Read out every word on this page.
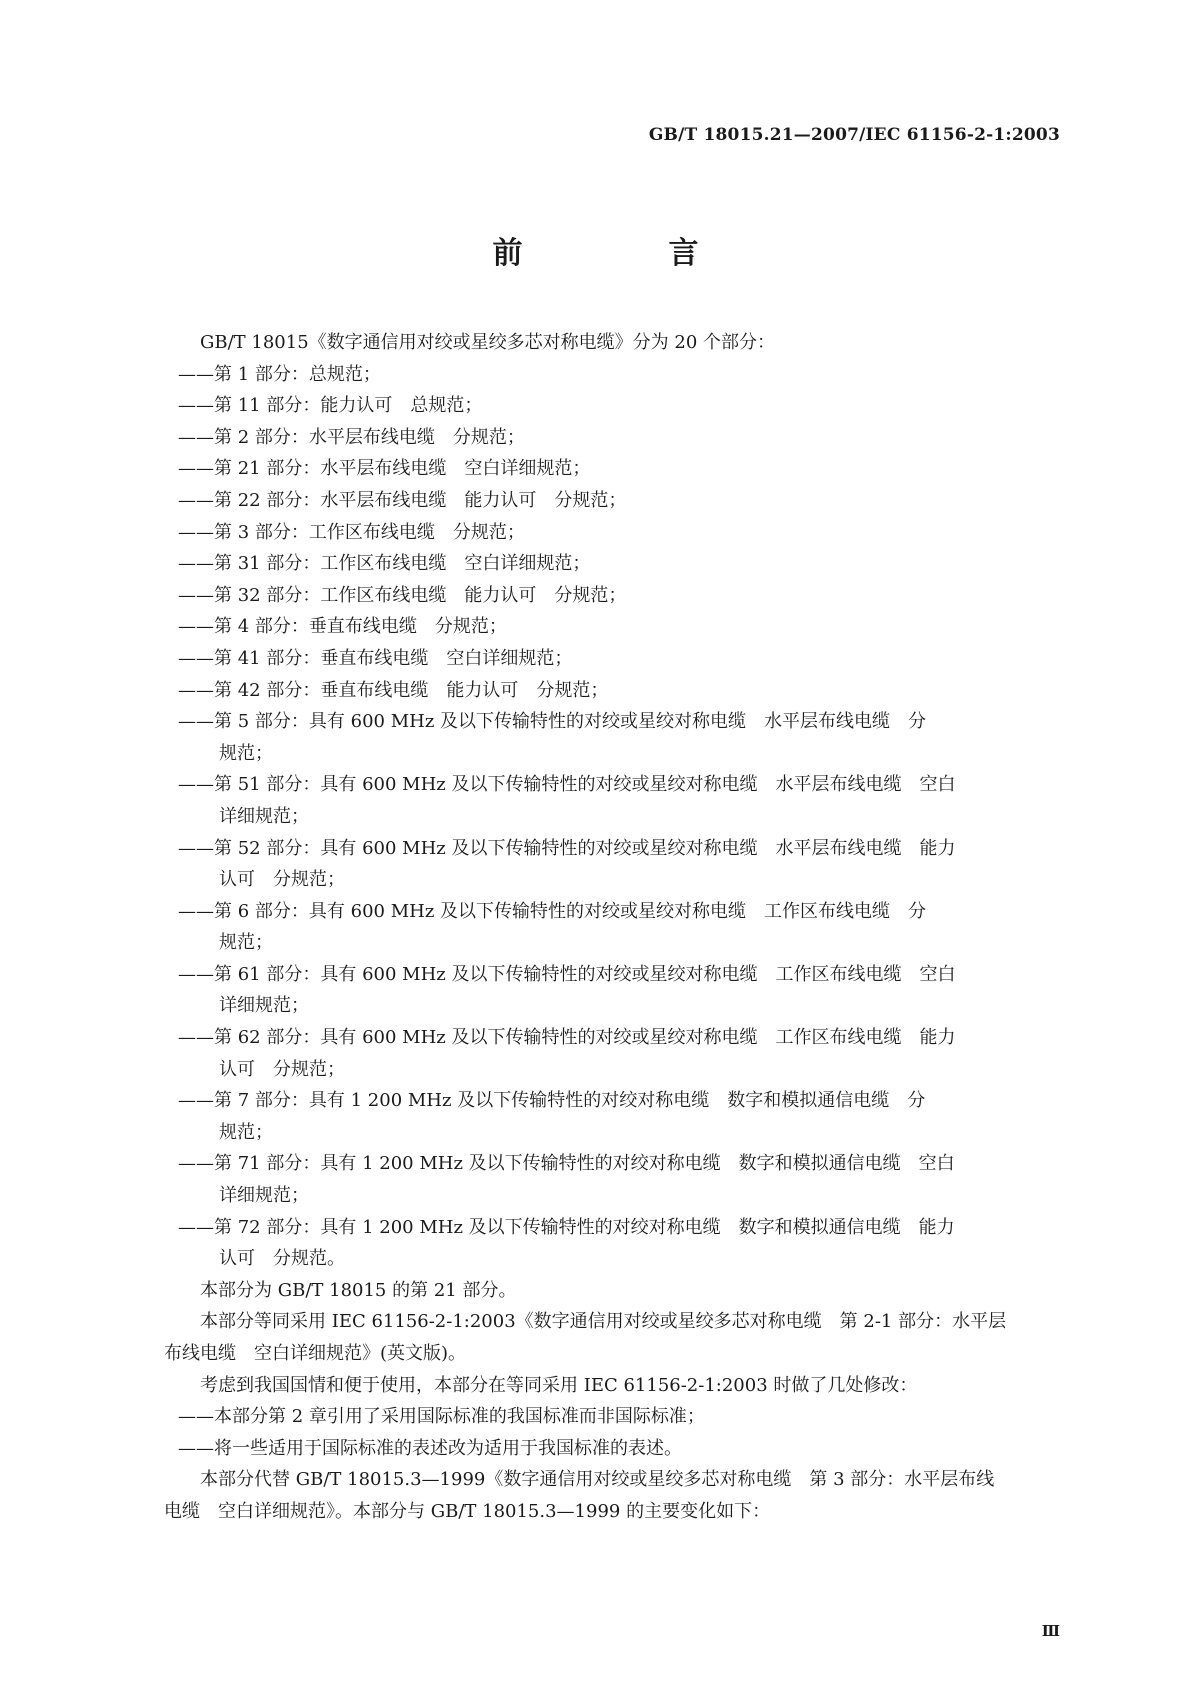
GB/T 18015.21—2007/IEC 61156-2-1:2003
前　言

GB/T 18015《数字通信用对绞或星绞多芯对称电缆》分为 20 个部分：

——第 1 部分：总规范；
——第 11 部分：能力认可　总规范；
——第 2 部分：水平层布线电缆　分规范；
——第 21 部分：水平层布线电缆　空白详细规范；
——第 22 部分：水平层布线电缆　能力认可　分规范；
——第 3 部分：工作区布线电缆　分规范；
——第 31 部分：工作区布线电缆　空白详细规范；
——第 32 部分：工作区布线电缆　能力认可　分规范；
——第 4 部分：垂直布线电缆　分规范；
——第 41 部分：垂直布线电缆　空白详细规范；
——第 42 部分：垂直布线电缆　能力认可　分规范；
——第 5 部分：具有 600 MHz 及以下传输特性的对绞或星绞对称电缆　水平层布线电缆　分
规范；
——第 51 部分：具有 600 MHz 及以下传输特性的对绞或星绞对称电缆　水平层布线电缆　空白
详细规范；
——第 52 部分：具有 600 MHz 及以下传输特性的对绞或星绞对称电缆　水平层布线电缆　能力
认可　分规范；
——第 6 部分：具有 600 MHz 及以下传输特性的对绞或星绞对称电缆　工作区布线电缆　分
规范；
——第 61 部分：具有 600 MHz 及以下传输特性的对绞或星绞对称电缆　工作区布线电缆　空白
详细规范；
——第 62 部分：具有 600 MHz 及以下传输特性的对绞或星绞对称电缆　工作区布线电缆　能力
认可　分规范；
——第 7 部分：具有 1 200 MHz 及以下传输特性的对绞对称电缆　数字和模拟通信电缆　分
规范；
——第 71 部分：具有 1 200 MHz 及以下传输特性的对绞对称电缆　数字和模拟通信电缆　空白
详细规范；
——第 72 部分：具有 1 200 MHz 及以下传输特性的对绞对称电缆　数字和模拟通信电缆　能力
认可　分规范。

本部分为 GB/T 18015 的第 21 部分。

本部分等同采用 IEC 61156-2-1:2003《数字通信用对绞或星绞多芯对称电缆　第 2-1 部分：水平层

布线电缆　空白详细规范》(英文版)。

考虑到我国国情和便于使用，本部分在等同采用 IEC 61156-2-1:2003 时做了几处修改：

——本部分第 2 章引用了采用国际标准的我国标准而非国际标准；
——将一些适用于国际标准的表述改为适用于我国标准的表述。

本部分代替 GB/T 18015.3—1999《数字通信用对绞或星绞多芯对称电缆　第 3 部分：水平层布线

电缆　空白详细规范》。本部分与 GB/T 18015.3—1999 的主要变化如下：

Ⅲ
